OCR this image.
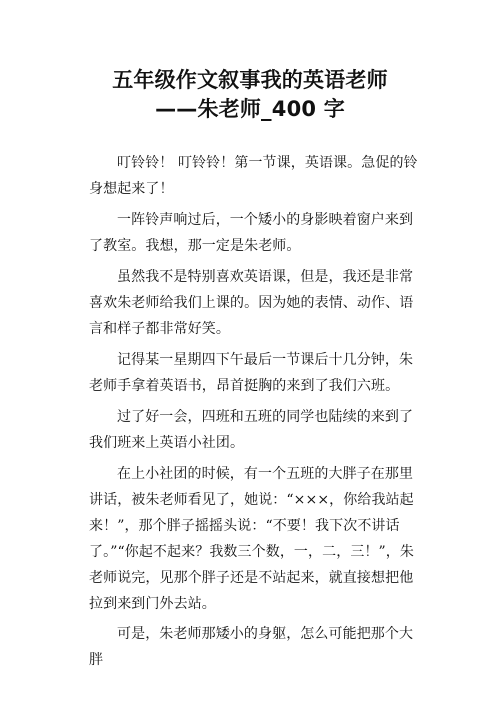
五年级作文叙事我的英语老师——朱老师_400 字

叮铃铃！ 叮铃铃！第一节课，英语课。急促的铃身想起来了！

一阵铃声响过后，一个矮小的身影映着窗户来到了教室。我想，那一定是朱老师。

虽然我不是特别喜欢英语课，但是，我还是非常喜欢朱老师给我们上课的。因为她的表情、动作、语言和样子都非常好笑。

记得某一星期四下午最后一节课后十几分钟，朱老师手拿着英语书，昂首挺胸的来到了我们六班。

过了好一会，四班和五班的同学也陆续的来到了我们班来上英语小社团。

在上小社团的时候，有一个五班的大胖子在那里讲话，被朱老师看见了，她说：“×××，你给我站起来！”，那个胖子摇摇头说：“不要！我下次不讲话了。”“你起不起来？我数三个数，一，二，三！”，朱老师说完，见那个胖子还是不站起来，就直接想把他拉到来到门外去站。

可是，朱老师那矮小的身躯，怎么可能把那个大胖
